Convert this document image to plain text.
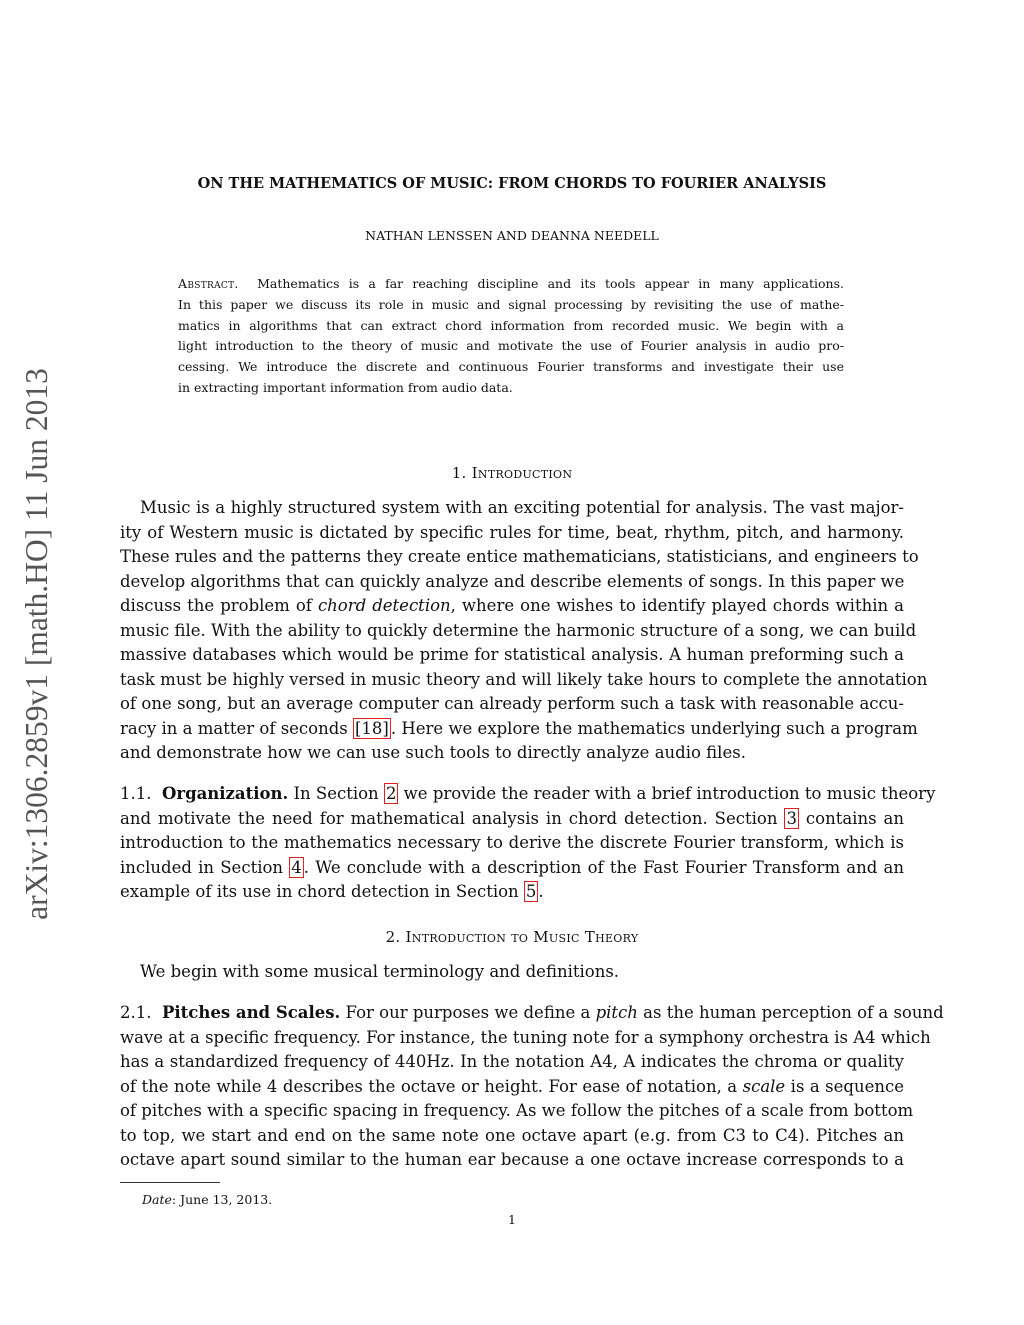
arXiv:1306.2859v1 [math.HO] 11 Jun 2013
ON THE MATHEMATICS OF MUSIC: FROM CHORDS TO FOURIER ANALYSIS
NATHAN LENSSEN AND DEANNA NEEDELL
Abstract. Mathematics is a far reaching discipline and its tools appear in many applications.
In this paper we discuss its role in music and signal processing by revisiting the use of mathe-
matics in algorithms that can extract chord information from recorded music. We begin with a
light introduction to the theory of music and motivate the use of Fourier analysis in audio pro-
cessing. We introduce the discrete and continuous Fourier transforms and investigate their use
in extracting important information from audio data.
1. Introduction
Music is a highly structured system with an exciting potential for analysis. The vast major-
ity of Western music is dictated by specific rules for time, beat, rhythm, pitch, and harmony.
These rules and the patterns they create entice mathematicians, statisticians, and engineers to
develop algorithms that can quickly analyze and describe elements of songs. In this paper we
discuss the problem of chord detection, where one wishes to identify played chords within a
music file. With the ability to quickly determine the harmonic structure of a song, we can build
massive databases which would be prime for statistical analysis. A human preforming such a
task must be highly versed in music theory and will likely take hours to complete the annotation
of one song, but an average computer can already perform such a task with reasonable accu-
racy in a matter of seconds [18] . Here we explore the mathematics underlying such a program
and demonstrate how we can use such tools to directly analyze audio files.
1.1. Organization. In Section 2 we provide the reader with a brief introduction to music theory
and motivate the need for mathematical analysis in chord detection. Section 3 contains an
introduction to the mathematics necessary to derive the discrete Fourier transform, which is
included in Section 4 . We conclude with a description of the Fast Fourier Transform and an
example of its use in chord detection in Section 5 .
2. Introduction to Music Theory
We begin with some musical terminology and definitions.
2.1. Pitches and Scales. For our purposes we define a pitch as the human perception of a sound
wave at a specific frequency. For instance, the tuning note for a symphony orchestra is A4 which
has a standardized frequency of 440Hz. In the notation A4, A indicates the chroma or quality
of the note while 4 describes the octave or height. For ease of notation, a scale is a sequence
of pitches with a specific spacing in frequency. As we follow the pitches of a scale from bottom
to top, we start and end on the same note one octave apart (e.g. from C3 to C4). Pitches an
octave apart sound similar to the human ear because a one octave increase corresponds to a
Date: June 13, 2013.
1
